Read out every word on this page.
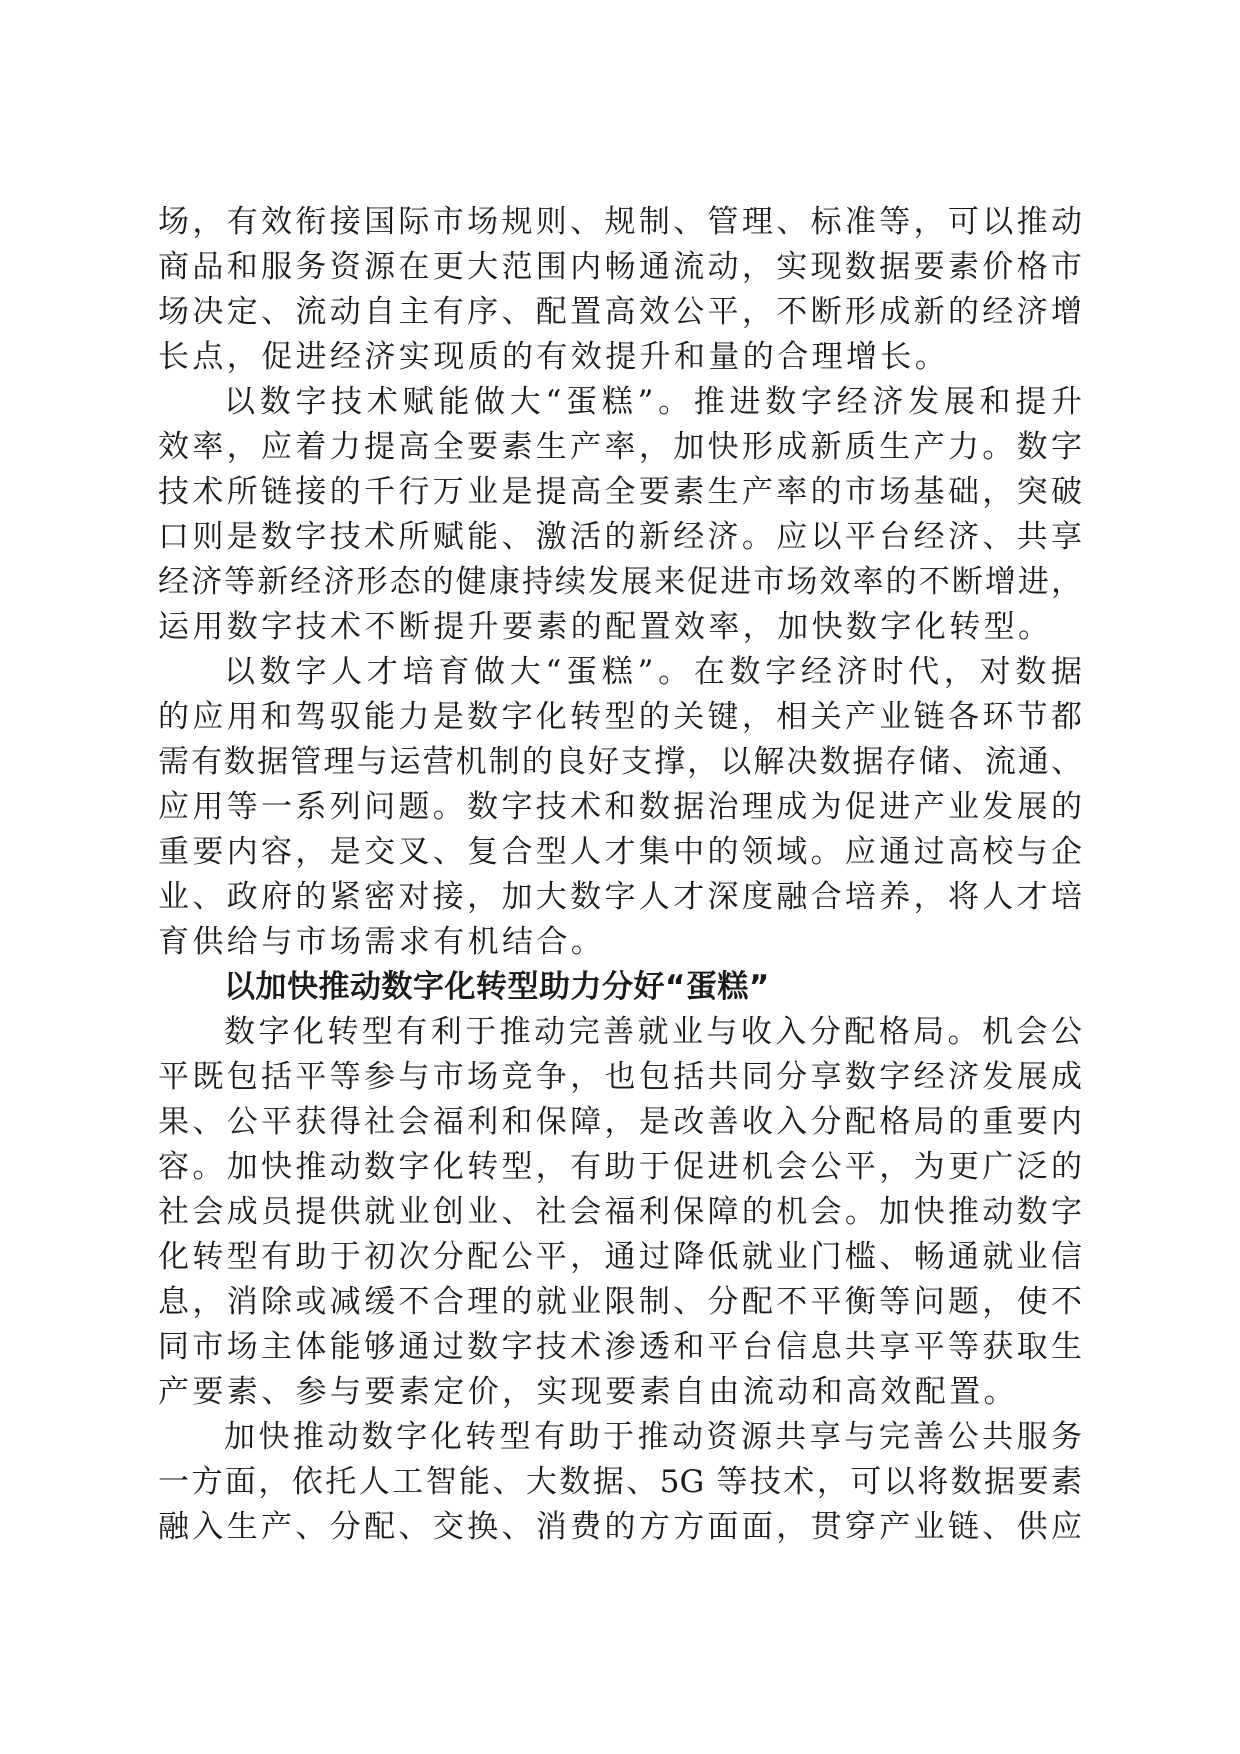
场，有效衔接国际市场规则、规制、管理、标准等，可以推动
商品和服务资源在更大范围内畅通流动，实现数据要素价格市
场决定、流动自主有序、配置高效公平，不断形成新的经济增
长点，促进经济实现质的有效提升和量的合理增长。
以数字技术赋能做大“蛋糕”。推进数字经济发展和提升
效率，应着力提高全要素生产率，加快形成新质生产力。数字
技术所链接的千行万业是提高全要素生产率的市场基础，突破
口则是数字技术所赋能、激活的新经济。应以平台经济、共享
经济等新经济形态的健康持续发展来促进市场效率的不断增进，
运用数字技术不断提升要素的配置效率，加快数字化转型。
以数字人才培育做大“蛋糕”。在数字经济时代，对数据
的应用和驾驭能力是数字化转型的关键，相关产业链各环节都
需有数据管理与运营机制的良好支撑，以解决数据存储、流通、
应用等一系列问题。数字技术和数据治理成为促进产业发展的
重要内容，是交叉、复合型人才集中的领域。应通过高校与企
业、政府的紧密对接，加大数字人才深度融合培养，将人才培
育供给与市场需求有机结合。
以加快推动数字化转型助力分好“蛋糕”
数字化转型有利于推动完善就业与收入分配格局。机会公
平既包括平等参与市场竞争，也包括共同分享数字经济发展成
果、公平获得社会福利和保障，是改善收入分配格局的重要内
容。加快推动数字化转型，有助于促进机会公平，为更广泛的
社会成员提供就业创业、社会福利保障的机会。加快推动数字
化转型有助于初次分配公平，通过降低就业门槛、畅通就业信
息，消除或减缓不合理的就业限制、分配不平衡等问题，使不
同市场主体能够通过数字技术渗透和平台信息共享平等获取生
产要素、参与要素定价，实现要素自由流动和高效配置。
加快推动数字化转型有助于推动资源共享与完善公共服务
一方面，依托人工智能、大数据、5G 等技术，可以将数据要素
融入生产、分配、交换、消费的方方面面，贯穿产业链、供应
